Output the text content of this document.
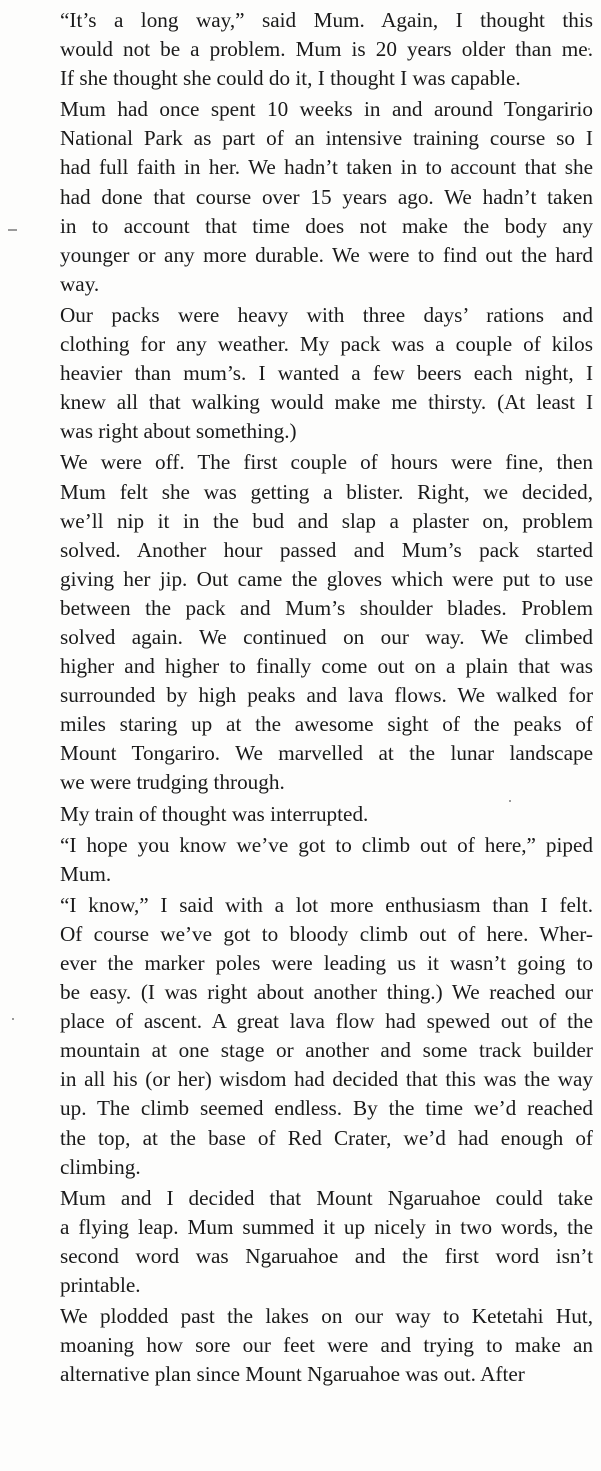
“It’s a long way,” said Mum. Again, I thought this
would not be a problem. Mum is 20 years older than me.
If she thought she could do it, I thought I was capable.

Mum had once spent 10 weeks in and around Tongaririo
National Park as part of an intensive training course so I
had full faith in her. We hadn’t taken in to account that she
had done that course over 15 years ago. We hadn’t taken
in to account that time does not make the body any
younger or any more durable. We were to find out the hard
way.

Our packs were heavy with three days’ rations and
clothing for any weather. My pack was a couple of kilos
heavier than mum’s. I wanted a few beers each night, I
knew all that walking would make me thirsty. (At least I
was right about something.)

We were off. The first couple of hours were fine, then
Mum felt she was getting a blister. Right, we decided,
we’ll nip it in the bud and slap a plaster on, problem
solved. Another hour passed and Mum’s pack started
giving her jip. Out came the gloves which were put to use
between the pack and Mum’s shoulder blades. Problem
solved again. We continued on our way. We climbed
higher and higher to finally come out on a plain that was
surrounded by high peaks and lava flows. We walked for
miles staring up at the awesome sight of the peaks of
Mount Tongariro. We marvelled at the lunar landscape
we were trudging through.

My train of thought was interrupted.

“I hope you know we’ve got to climb out of here,” piped
Mum.

“I know,” I said with a lot more enthusiasm than I felt.
Of course we’ve got to bloody climb out of here. Wher-
ever the marker poles were leading us it wasn’t going to
be easy. (I was right about another thing.) We reached our
place of ascent. A great lava flow had spewed out of the
mountain at one stage or another and some track builder
in all his (or her) wisdom had decided that this was the way
up. The climb seemed endless. By the time we’d reached
the top, at the base of Red Crater, we’d had enough of
climbing.

Mum and I decided that Mount Ngaruahoe could take
a flying leap. Mum summed it up nicely in two words, the
second word was Ngaruahoe and the first word isn’t
printable.

We plodded past the lakes on our way to Ketetahi Hut,
moaning how sore our feet were and trying to make an
alternative plan since Mount Ngaruahoe was out. After
